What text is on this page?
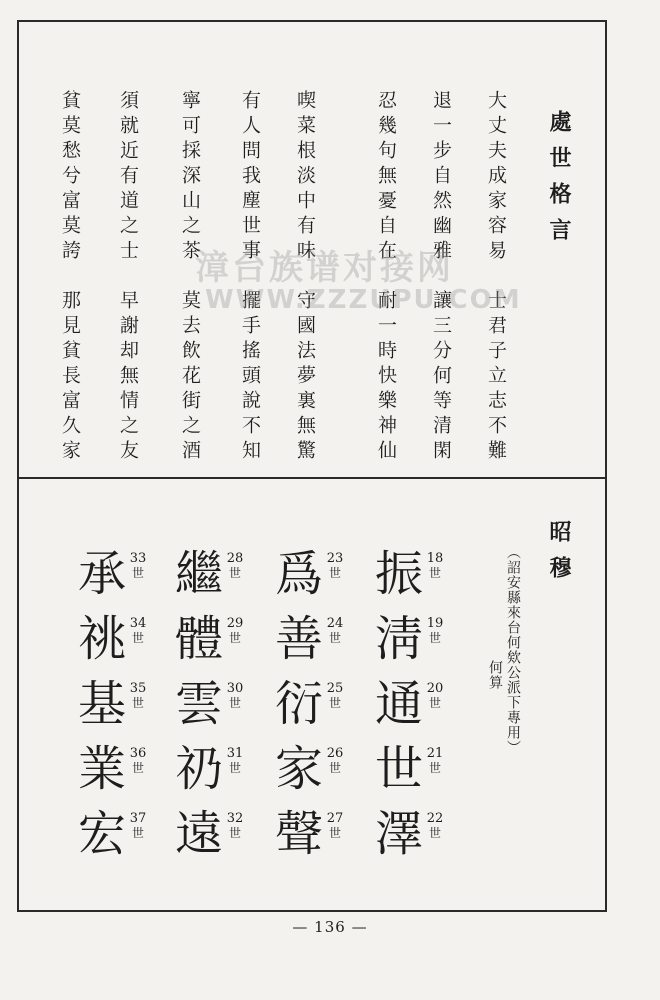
處世格言
大丈夫成家容易　士君子立志不難
退一步自然幽雅　讓三分何等清閑
忍幾句無憂自在　耐一時快樂神仙
喫菜根淡中有味　守國法夢裏無驚
有人問我塵世事　擺手搖頭說不知
寧可採深山之茶　莫去飲花街之酒
須就近有道之士　早謝却無情之友
貧莫愁兮富莫誇　那見貧長富久家
昭穆
（詔安縣來台何欸公派下專用）
何算
振 18
世
淸 19
世
通 20
世
世 21
世
澤 22
世
爲 23
世
善 24
世
衍 25
世
家 26
世
聲 27
世
繼 28
世
體 29
世
雲 30
世
礽 31
世
遠 32
世
承 33
世
祧 34
世
基 35
世
業 36
世
宏 37
世
— 136 —
漳台族谱对接网
WWW.ZZZUPU.COM
